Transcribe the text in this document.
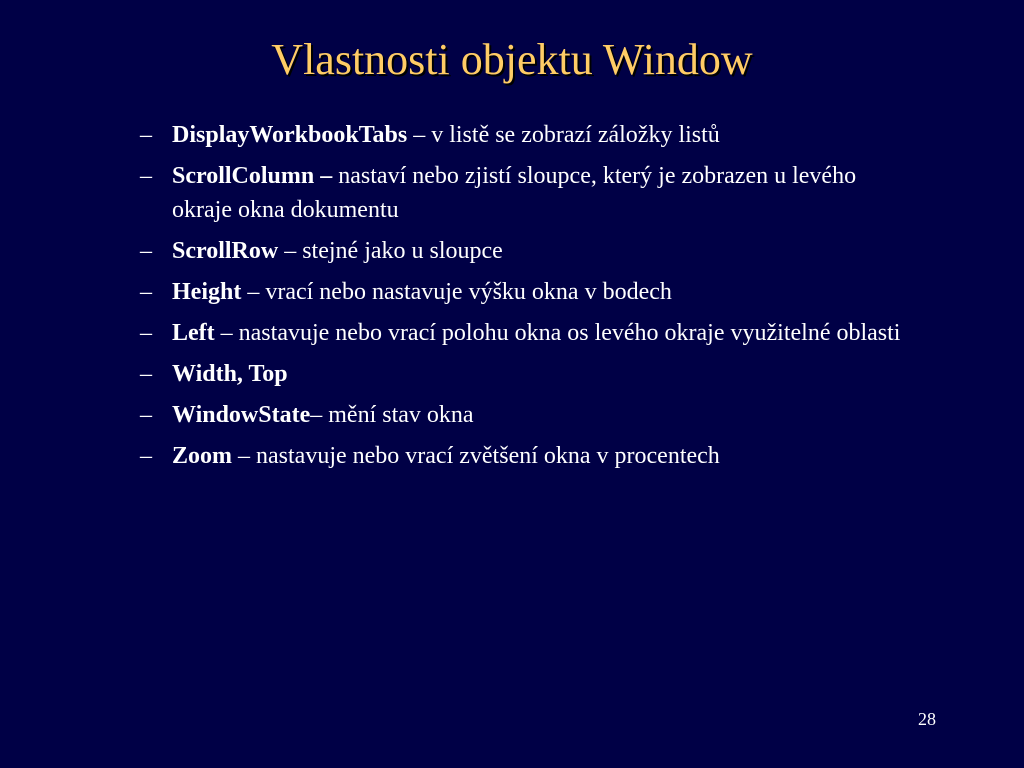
Vlastnosti objektu Window
– DisplayWorkbookTabs – v listě se zobrazí záložky listů
– ScrollColumn – nastaví nebo zjistí sloupce, který je zobrazen u levého okraje okna dokumentu
– ScrollRow – stejné jako u sloupce
– Height – vrací nebo nastavuje výšku okna v bodech
– Left – nastavuje nebo vrací polohu okna os levého okraje využitelné oblasti
– Width, Top
– WindowState– mění stav okna
– Zoom – nastavuje nebo vrací zvětšení okna v procentech
28
